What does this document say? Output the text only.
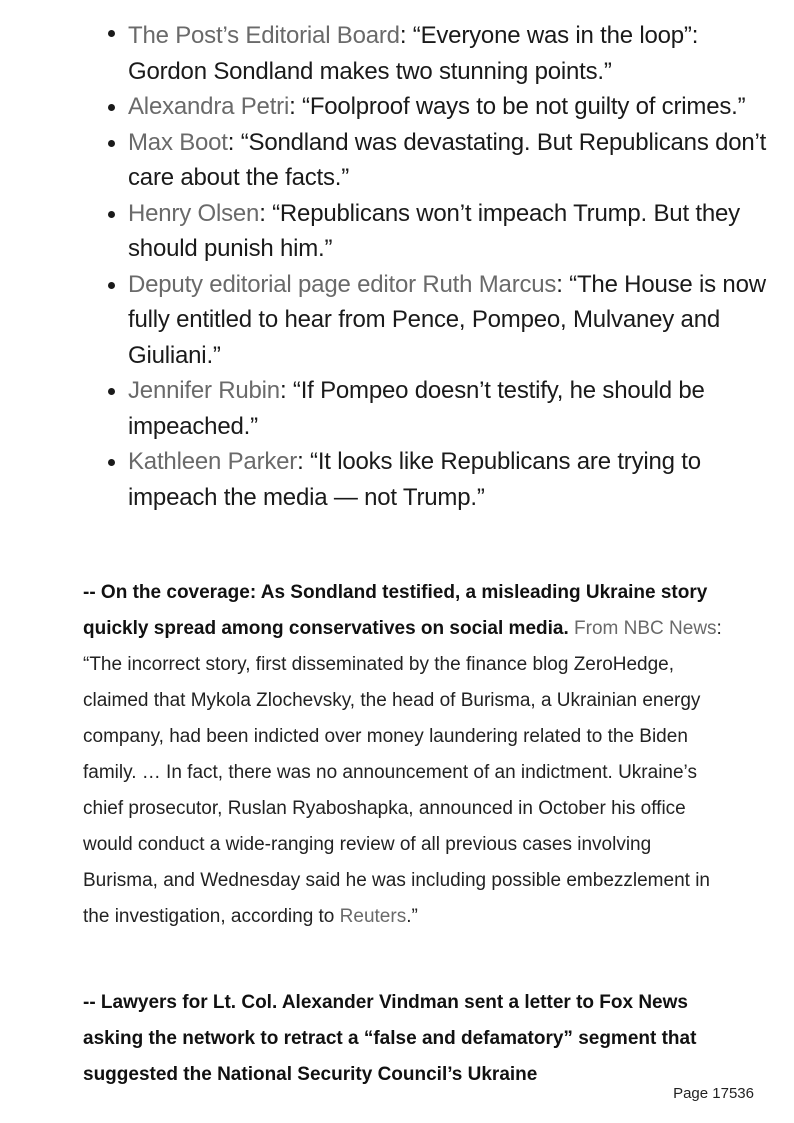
The Post’s Editorial Board: “Everyone was in the loop”: Gordon Sondland makes two stunning points.”
Alexandra Petri: “Foolproof ways to be not guilty of crimes.”
Max Boot: “Sondland was devastating. But Republicans don’t care about the facts.”
Henry Olsen: “Republicans won’t impeach Trump. But they should punish him.”
Deputy editorial page editor Ruth Marcus: “The House is now fully entitled to hear from Pence, Pompeo, Mulvaney and Giuliani.”
Jennifer Rubin: “If Pompeo doesn’t testify, he should be impeached.”
Kathleen Parker: “It looks like Republicans are trying to impeach the media — not Trump.”

-- On the coverage: As Sondland testified, a misleading Ukraine story quickly spread among conservatives on social media. From NBC News: “The incorrect story, first disseminated by the finance blog ZeroHedge, claimed that Mykola Zlochevsky, the head of Burisma, a Ukrainian energy company, had been indicted over money laundering related to the Biden family. … In fact, there was no announcement of an indictment. Ukraine’s chief prosecutor, Ruslan Ryaboshapka, announced in October his office would conduct a wide-ranging review of all previous cases involving Burisma, and Wednesday said he was including possible embezzlement in the investigation, according to Reuters.”

-- Lawyers for Lt. Col. Alexander Vindman sent a letter to Fox News asking the network to retract a “false and defamatory” segment that suggested the National Security Council’s Ukraine

Page 17536
